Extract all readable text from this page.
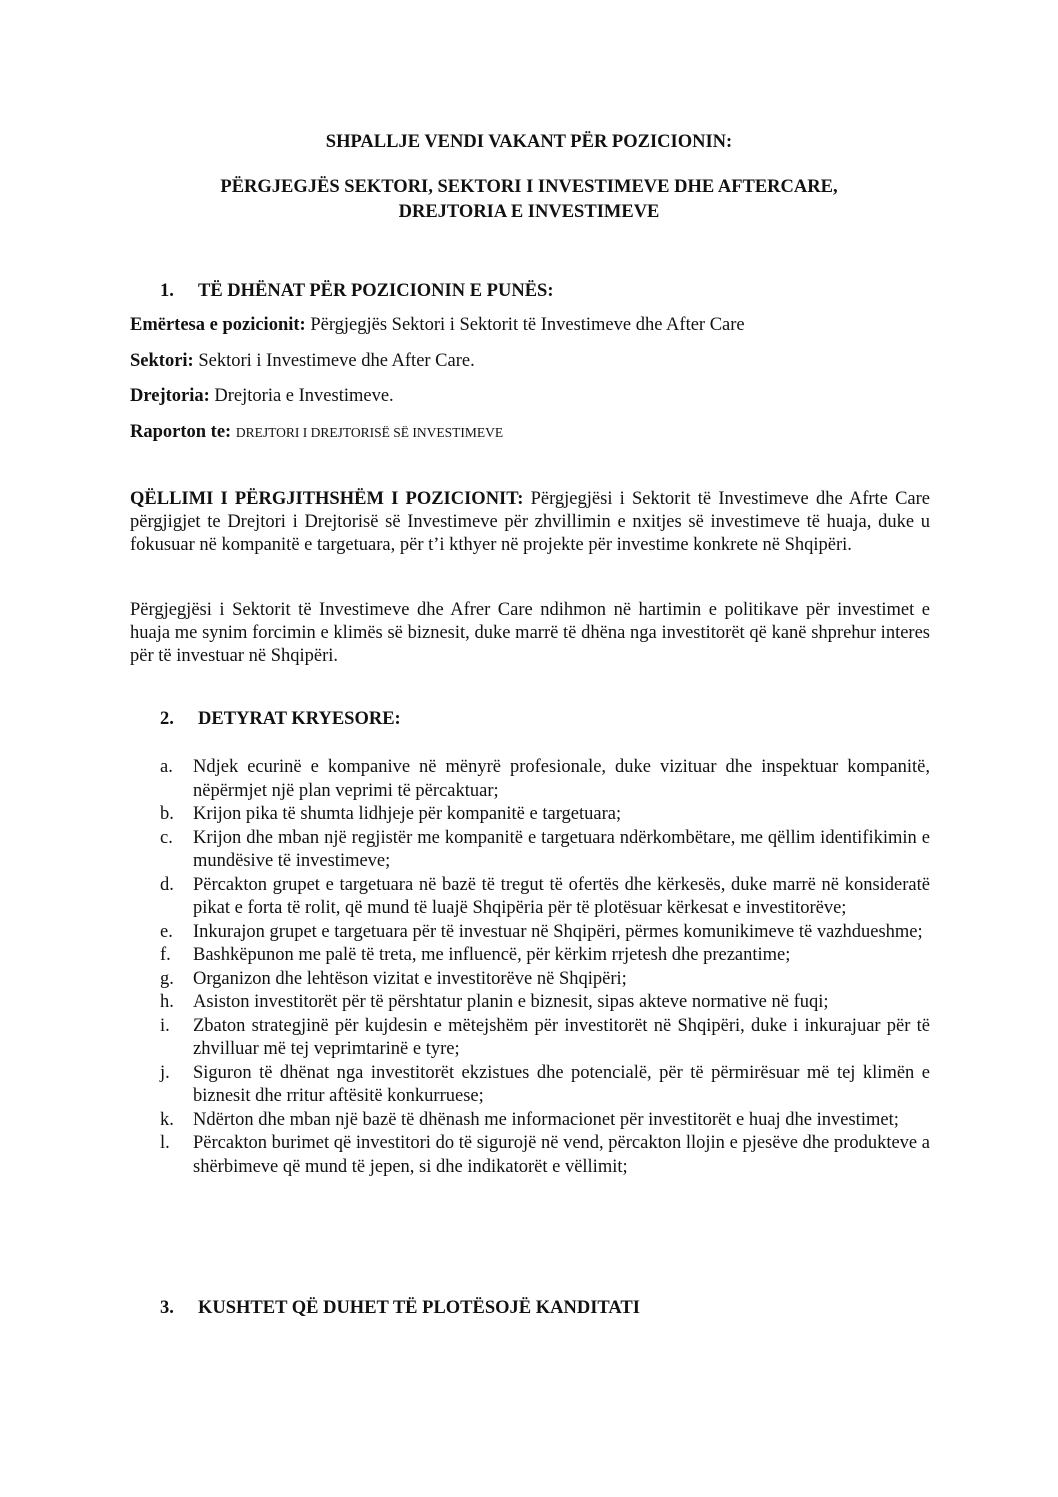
SHPALLJE VENDI VAKANT PËR POZICIONIN:
PËRGJEGJËS SEKTORI, SEKTORI I INVESTIMEVE DHE AFTERCARE,
DREJTORIA E INVESTIMEVE
1. TË DHËNAT PËR POZICIONIN E PUNËS:
Emërtesa e pozicionit: Përgjegjës Sektori i Sektorit të Investimeve dhe After Care
Sektori: Sektori i Investimeve dhe After Care.
Drejtoria: Drejtoria e Investimeve.
Raporton te: DREJTORI I DREJTORISË SË INVESTIMEVE
QËLLIMI I PËRGJITHSHËM I POZICIONIT: Përgjegjësi i Sektorit të Investimeve dhe Afrte Care përgjigjet te Drejtori i Drejtorisë së Investimeve për zhvillimin e nxitjes së investimeve të huaja, duke u fokusuar në kompanitë e targetuara, për t’i kthyer në projekte për investime konkrete në Shqipëri.
Përgjegjësi i Sektorit të Investimeve dhe Afrer Care ndihmon në hartimin e politikave për investimet e huaja me synim forcimin e klimës së biznesit, duke marrë të dhëna nga investitorët që kanë shprehur interes për të investuar në Shqipëri.
2. DETYRAT KRYESORE:
a. Ndjek ecurinë e kompanive në mënyrë profesionale, duke vizituar dhe inspektuar kompanitë, nëpërmjet një plan veprimi të përcaktuar;
b. Krijon pika të shumta lidhjeje për kompanitë e targetuara;
c. Krijon dhe mban një regjistër me kompanitë e targetuara ndërkombëtare, me qëllim identifikimin e mundësive të investimeve;
d. Përcakton grupet e targetuara në bazë të tregut të ofertës dhe kërkesës, duke marrë në konsideratë pikat e forta të rolit, që mund të luajë Shqipëria për të plotësuar kërkesat e investitorëve;
e. Inkurajon grupet e targetuara për të investuar në Shqipëri, përmes komunikimeve të vazhdueshme;
f. Bashkëpunon me palë të treta, me influencë, për kërkim rrjetesh dhe prezantime;
g. Organizon dhe lehtëson vizitat e investitorëve në Shqipëri;
h. Asiston investitorët për të përshtatur planin e biznesit, sipas akteve normative në fuqi;
i. Zbaton strategjinë për kujdesin e mëtejshëm për investitorët në Shqipëri, duke i inkurajuar për të zhvilluar më tej veprimtarinë e tyre;
j. Siguron të dhënat nga investitorët ekzistues dhe potencialë, për të përmirësuar më tej klimën e biznesit dhe rritur aftësitë konkurruese;
k. Ndërton dhe mban një bazë të dhënash me informacionet për investitorët e huaj dhe investimet;
l. Përcakton burimet që investitori do të sigurojë në vend, përcakton llojin e pjesëve dhe produkteve a shërbimeve që mund të jepen, si dhe indikatorët e vëllimit;
3. KUSHTET QË DUHET TË PLOTËSOJË KANDITATI
